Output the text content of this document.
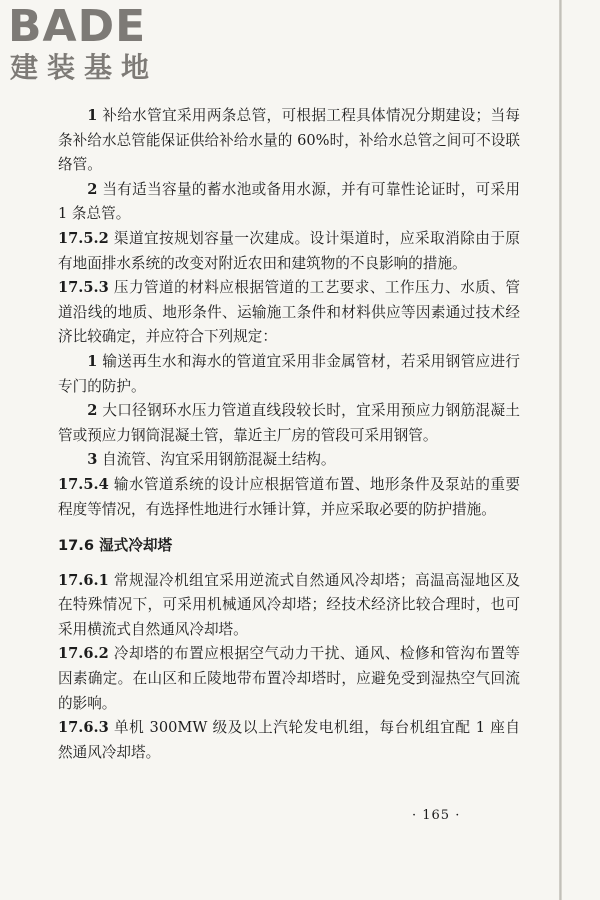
BADE
建装基地

1 补给水管宜采用两条总管，可根据工程具体情况分期建设；当每条补给水总管能保证供给补给水量的 60%时，补给水总管之间可不设联络管。

2 当有适当容量的蓄水池或备用水源，并有可靠性论证时，可采用 1 条总管。

17.5.2 渠道宜按规划容量一次建成。设计渠道时，应采取消除由于原有地面排水系统的改变对附近农田和建筑物的不良影响的措施。

17.5.3 压力管道的材料应根据管道的工艺要求、工作压力、水质、管道沿线的地质、地形条件、运输施工条件和材料供应等因素通过技术经济比较确定，并应符合下列规定：

1 输送再生水和海水的管道宜采用非金属管材，若采用钢管应进行专门的防护。

2 大口径钢环水压力管道直线段较长时，宜采用预应力钢筋混凝土管或预应力钢筒混凝土管，靠近主厂房的管段可采用钢管。

3 自流管、沟宜采用钢筋混凝土结构。

17.5.4 输水管道系统的设计应根据管道布置、地形条件及泵站的重要程度等情况，有选择性地进行水锤计算，并应采取必要的防护措施。

17.6 湿式冷却塔

17.6.1 常规湿冷机组宜采用逆流式自然通风冷却塔；高温高湿地区及在特殊情况下，可采用机械通风冷却塔；经技术经济比较合理时，也可采用横流式自然通风冷却塔。

17.6.2 冷却塔的布置应根据空气动力干扰、通风、检修和管沟布置等因素确定。在山区和丘陵地带布置冷却塔时，应避免受到湿热空气回流的影响。

17.6.3 单机 300MW 级及以上汽轮发电机组，每台机组宜配 1 座自然通风冷却塔。

· 165 ·
